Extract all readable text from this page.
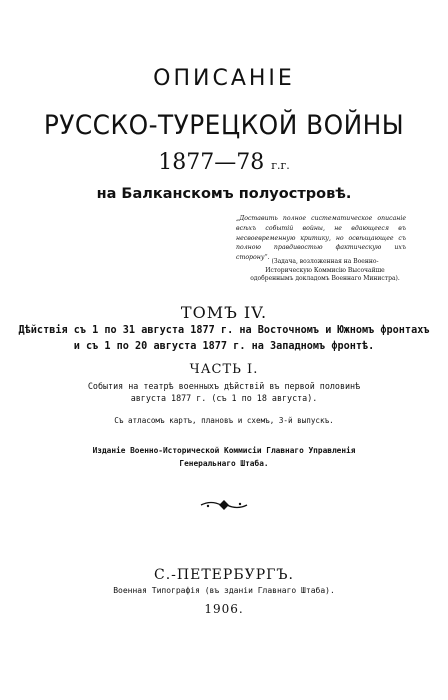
ОПИСАНІЕ
РУССКО-ТУРЕЦКОЙ ВОЙНЫ
1877—78 г.г.
на Балканскомъ полуостровѣ.
„Доставить полное систематическое описаніе всѣхъ событій войны, не вдающееся въ несвоевременную критику, но освѣщающее съ полною правдивостью фактическую ихъ сторону“.
(Задача, возложенная на Военно-Историческую Коммисію Высочайше одобреннымъ докладомъ Военнаго Министра).
ТОМЪ IV.
Дѣйствія съ 1 по 31 августа 1877 г. на Восточномъ и Южномъ фронтахъ
и съ 1 по 20 августа 1877 г. на Западномъ фронтѣ.
ЧАСТЬ I.
События на театрѣ военныхъ дѣйствій въ первой половинѣ
августа 1877 г. (съ 1 по 18 августа).
Съ атласомъ картъ, плановъ и схемъ, 3-й выпускъ.
Изданіе Военно-Исторической Коммисіи Главнаго Управленія
Генеральнаго Штаба.
С.-ПЕТЕРБУРГЪ.
Военная Типографія (въ зданіи Главнаго Штаба).
1906.
